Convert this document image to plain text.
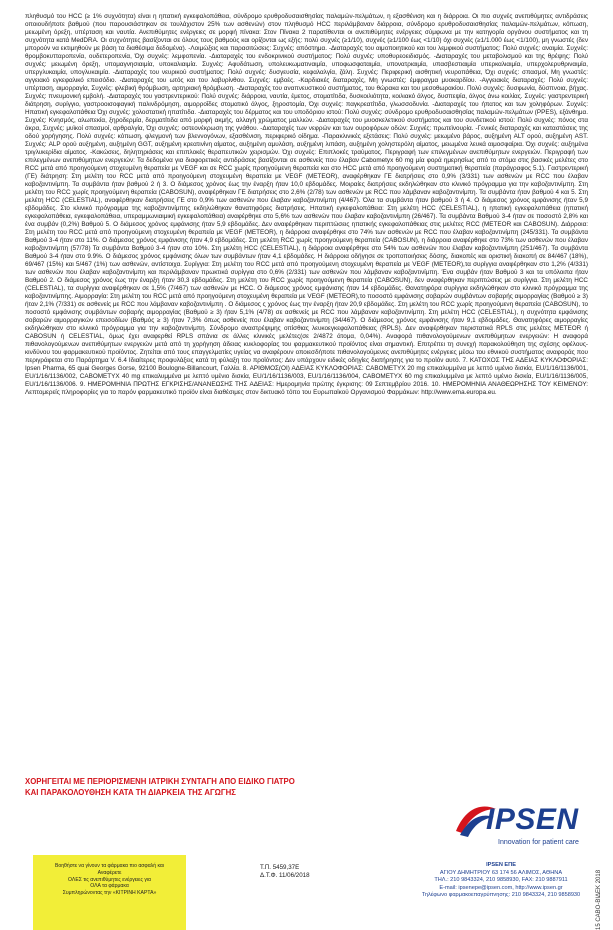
πληθυσμό του HCC (≥ 1% συχνότητα) είναι η ηπατική εγκεφαλοπάθεια, σύνδρομο ερυθροδυσαισθησίας παλαμών-πελμάτων, η εξασθένιση και η διάρροια. Οι πιο συχνές ανεπιθύμητες αντιδράσεις οποιουδήποτε βαθμού (που παρουσιάστηκαν σε τουλάχιστον 25% των ασθενών) στον πληθυσμό HCC περιλάμβαναν διάρροια, σύνδρομο ερυθροδυσαισθησίας παλαμών-πελμάτων, κόπωση, μειωμένη όρεξη, υπέρταση και ναυτία. Ανεπιθύμητες ενέργειες σε μορφή πίνακα: Στον Πίνακα 2 παρατίθενται οι ανεπιθύμητες ενέργειες σύμφωνα με την κατηγορία οργάνου συστήματος και τη συχνότητα κατά MedDRA. Οι συχνότητες βασίζονται σε όλους τους βαθμούς και ορίζονται ως εξής: πολύ συχνές (≥1/10), συχνές (≥1/100 έως <1/10) όχι συχνές (≥1/1.000 έως <1/100), μη γνωστές (δεν μπορούν να εκτιμηθούν με βάση τα διαθέσιμα δεδομένα). -Λοιμώξεις και παρασιτώσεις: Συχνές: απόστημα. -Διαταραχές του αιμοποιητικού και του λεμφικού συστήματος: Πολύ συχνές: αναιμία. Συχνές: θρομβοκυτταροπενία, ουδετεροπενία, Όχι συχνές: λεμφοπενία. -Διαταραχές του ενδοκρινικού συστήματος: Πολύ συχνές: υποθυρεοειδισμός. -Διαταραχές του μεταβολισμού και της θρέψης: Πολύ συχνές: μειωμένη όρεξη, υπομαγνησιαιμία, υποκαλιαιμία. Συχνές: Αφυδάτωση, υπολευκωματιναιμία, υποφωσφαταιμία, υπονατριαιμία, υπασβεστιαιμία υπερκαλιαιμία, υπερχολερυθριναιμία, υπεργλυκαιμία, υπογλυκαιμία. -Διαταραχές του νευρικού συστήματος: Πολύ συχνές: δυσγευσία, κεφαλαλγία, ζάλη. Συχνές: Περιφερική αισθητική νευροπάθεια, Όχι συχνές: σπασμοί, Μη γνωστές: αγγειακό εγκεφαλικό επεισόδιο. -Διαταραχές του ωτός και του λαβυρίνθου. Συχνές: εμβοές. -Καρδιακές διαταραχές, Μη γνωστές: έμφραγμα μυοκαρδίου. -Αγγειακές διαταραχές: Πολύ συχνές: υπέρταση, αιμορραγία, Συχνές: φλεβική θρόμβωση, αρτηριακή θρόμβωση. -Διαταραχές του αναπνευστικού συστήματος, του θώρακα και του μεσοθωρακίου. Πολύ συχνές: δυσφωνία, δύσπνοια, βήχας. Συχνές: πνευμονική εμβολή. -Διαταραχές του γαστρεντερικού: Πολύ συχνές: διάρροια, ναυτία, έμετος, στοματίτιδα, δυσκοιλιότητα, κοιλιακό άλγος, δυσπεψία, άλγος άνω κοιλίας. Συχνές: γαστρεντερική διάτρηση, συρίγγιο, γαστροοισοφαγική παλινδρόμηση, αιμορροΐδες στοματικό άλγος, ξηροστομία, Όχι συχνές: παγκρεατίτιδα, γλωσσοδυνία. -Διαταραχές του ήπατος και των χοληφόρων. Συχνές: Ηπατική εγκεφαλοπάθεια Όχι συχνές: χολοστατική ηπατίτιδα. -Διαταραχές του δέρματος και του υποδόριου ιστού: Πολύ συχνές: σύνδρομο ερυθροδυσαισθησίας παλαμών-πελμάτων (PPES), εξάνθημα. Συχνές: Κνησμός, αλωπεκία, ξηροδερμία, δερματίτιδα από μορφή ακμής, αλλαγή χρώματος μαλλιών. -Διαταραχές του μυοσκελετικού συστήματος και του συνδετικού ιστού: Πολύ συχνές: πόνος στα άκρα, Συχνές: μυϊκοί σπασμοί, αρθραλγία, Όχι συχνές: οστεονέκρωση της γνάθου. -Διαταραχές των νεφρών και των ουροφόρων οδών: Συχνές: πρωτεϊνουρία. -Γενικές διαταραχές και καταστάσεις της οδού χορήγησης. Πολύ συχνές: κόπωση, φλεγμονή των βλεννογόνων, εξασθένιση, περιφερικό οίδημα. -Παρακλινικές εξετάσεις: Πολύ συχνές: μειωμένο βάρος, αυξημένη ALT ορού, αυξημένη AST. Συχνές: ALP ορού αυξημένη, αυξημένη GGT, αυξημένη κρεατινίνη αίματος, αυξημένη αμυλάση, αυξημένη λιπάση, αυξημένη χοληστερόλη αίματος, μειωμένα λευκά αιμοσφαίρια. Όχι συχνές: αυξημένα τριγλυκερίδια αίματος. -Κακώσεις, δηλητηριάσεις και επιπλοκές θεραπευτικών χειρισμών. Όχι συχνές: Επιπλοκές τραύματος. Περιγραφή των επιλεγμένων ανεπιθύμητων ενεργειών. Περιγραφή των επιλεγμένων ανεπιθύμητων ενεργειών: Τα δεδομένα για διαφορετικές αντιδράσεις βασίζονται σε ασθενείς που έλαβαν Cabometyx 60 mg μία φορά ημερησίως από το στόμα στις βασικές μελέτες στο RCC μετά από προηγούμενη στοχευμένη θεραπεία με VEGF και σε RCC χωρίς προηγούμενη θεραπεία και στο HCC μετά από προηγούμενη συστηματική θεραπεία (παράγραφος 5.1). Γαστρεντερική (ΓΕ) διάτρηση: Στη μελέτη του RCC μετά από προηγούμενη στοχευμένη θεραπεία με VEGF (METEOR), αναφέρθηκαν ΓΕ διατρήσεις στο 0,9% (3/331) των ασθενών με RCC που έλαβαν καβοζαντινίμπη. Τα συμβάντα ήταν βαθμού 2 ή 3. Ο διάμεσος χρόνος έως την έναρξη ήταν 10,0 εβδομάδες. Μοιραίες διατρήσεις εκδηλώθηκαν στο κλινικό πρόγραμμα για την καβοζαντινίμπη. Στη μελέτη του RCC χωρίς προηγούμενη θεραπεία (CABOSUN), αναφέρθηκαν ΓΕ διατρήσεις στο 2,6% (2/78) των ασθενών με RCC που λάμβαναν καβοζαντινίμπη. Τα συμβάντα ήταν βαθμού 4 και 5. Στη μελέτη HCC (CELESTIAL), αναφέρθηκαν διατρήσεις ΓΕ στο 0,9% των ασθενών που έλαβαν καβοζαντινίμπη (4/467). Όλα τα συμβάντα ήταν βαθμού 3 ή 4. Ο διάμεσος χρόνος εμφάνισης ήταν 5,9 εβδομάδες. Στο κλινικό πρόγραμμα της καβοζαντινίμπης εκδηλώθηκαν θανατηφόρες διατρήσεις. Ηπατική εγκεφαλοπάθεια: Στη μελέτη HCC (CELESTIAL), η ηπατική εγκεφαλοπάθεια (ηπατική εγκεφαλοπάθεια, εγκεφαλοπάθεια, υπεραμμωνιαιμική εγκεφαλοπάθεια) αναφέρθηκε στο 5,6% των ασθενών που έλαβαν καβοζαντινίμπη (26/467). Τα συμβάντα Βαθμού 3-4 ήταν σε ποσοστό 2,8% και ένα συμβάν (0,2%) Βαθμού 5. Ο διάμεσος χρόνος εμφάνισης ήταν 5,9 εβδομάδες. Δεν αναφέρθηκαν περιπτώσεις ηπατικής εγκεφαλοπάθειας στις μελέτες RCC (METEOR και CABOSUN). Διάρροια: Στη μελέτη του RCC μετά από προηγούμενη στοχευμένη θεραπεία με VEGF (METEOR), η διάρροια αναφέρθηκε στο 74% των ασθενών με RCC που έλαβαν καβοζαντινίμπη (245/331). Τα συμβάντα Βαθμού 3-4 ήταν στο 11%. Ο διάμεσος χρόνος εμφάνισης ήταν 4,9 εβδομάδες. Στη μελέτη RCC χωρίς προηγούμενη θεραπεία (CABOSUN), η διάρροια αναφέρθηκε στο 73% των ασθενών που έλαβαν καβοζαντινίμπη (57/78) Τα συμβάντα Βαθμού 3-4 ήταν στο 10%. Στη μελέτη HCC (CELESTIAL), η διάρροια αναφέρθηκε στο 54% των ασθενών που έλαβαν καβοζαντινίμπη (251/467). Τα συμβάντα Βαθμού 3-4 ήταν στο 9.9%. Ο διάμεσος χρόνος εμφάνισης όλων των συμβάντων ήταν 4,1 εβδομάδες. Η διάρροια οδήγησε σε τροποποιήσεις δόσης, διακοπές και οριστική διακοπή σε 84/467 (18%), 69/467 (15%) και 5/467 (1%) των ασθενών, αντίστοιχα. Συρίγγια: Στη μελέτη του RCC μετά από προηγούμενη στοχευμένη θεραπεία με VEGF (METEOR),τα συρίγγια αναφέρθηκαν στο 1,2% (4/331) των ασθενών που έλαβαν καβοζαντινίμπη και περιλάμβαναν πρωκτικά συρίγγια στο 0,6% (2/331) των ασθενών που λάμβαναν καβοζαντινίμπη. Ένα συμβάν ήταν Βαθμού 3 και τα υπόλοιπα ήταν Βαθμού 2. Ο διάμεσος χρόνος έως την έναρξη ήταν 30,3 εβδομάδες. Στη μελέτη του RCC χωρίς προηγούμενη θεραπεία (CABOSUN), δεν αναφέρθηκαν περιπτώσεις με συρίγγια. Στη μελέτη HCC (CELESTIAL), τα συρίγγια αναφέρθηκαν σε 1,5% (7/467) των ασθενών με HCC. Ο διάμεσος χρόνος εμφάνισης ήταν 14 εβδομάδες. Θανατηφόρα συρίγγια εκδηλώθηκαν στο κλινικό πρόγραμμα της καβοζαντινίμπης. Αιμορραγία: Στη μελέτη του RCC μετά από προηγούμενη στοχευμένη θεραπεία με VEGF (METEOR),το ποσοστό εμφάνισης σοβαρών συμβάντων σοβαρής αιμορραγίας (Βαθμού ≥ 3) ήταν 2,1% (7/331) σε ασθενείς με RCC που λάμβαναν καβοζαντινίμπη . Ο διάμεσος ς χρόνος έως την έναρξη ήταν 20,9 εβδομάδες. Στη μελέτη του RCC χωρίς προηγούμενη θεραπεία (CABOSUN), το ποσοστό εμφάνισης συμβάντων σοβαρής αιμορραγίας (Βαθμού ≥ 3) ήταν 5,1% (4/78) σε ασθενείς με RCC που λάμβαναν καβοζαντινίμπη. Στη μελέτη HCC (CELESTIAL), η συχνότητα εμφάνισης σοβαρών αιμορραγικών επεισοδίων (Βαθμός ≥ 3) ήταν 7,3% όπως ασθενείς που έλαβαν καβοζαντινίμπη (34/467). Ο διάμεσος χρόνος εμφάνισης ήταν 9,1 εβδομάδες. Θανατηφόρες αιμορραγίες εκδηλώθηκαν στο κλινικό πρόγραμμα για την καβοζαντινίμπη. Σύνδρομο αναστρέψιμης οπίσθιας λευκοεγκεφαλοπάθειας (RPLS). Δεν αναφέρθηκαν περιστατικά RPLS στις μελέτες METEOR ή CABOSUN ή CELESTIAL, όμως έχει αναφερθεί RPLS σπάνια σε άλλες κλινικές μελέτες(σε 2/4872 άτομα, 0,04%). Αναφορά πιθανολογούμενων ανεπιθύμητων ενεργειών: Η αναφορά πιθανολογούμενων ανεπιθύμητων ενεργειών μετά από τη χορήγηση άδειας κυκλοφορίας του φαρμακευτικού προϊόντος είναι σημαντική. Επιτρέπει τη συνεχή παρακολούθηση της σχέσης οφέλους-κινδύνου του φαρμακευτικού προϊόντος. Ζητείται από τους επαγγελματίες υγείας να αναφέρουν οποιεσδήποτε πιθανολογούμενες ανεπιθύμητες ενέργειες μέσω του εθνικού συστήματος αναφοράς που περιγράφεται στο Παράρτημα V. 6.4 Ιδιαίτερες προφυλάξεις κατά τη φύλαξη του προϊόντος: Δεν υπάρχουν ειδικές οδηγίες διατήρησης για το προϊόν αυτό. 7. ΚΑΤΟΧΟΣ ΤΗΣ ΑΔΕΙΑΣ ΚΥΚΛΟΦΟΡΙΑΣ: Ipsen Pharma, 65 quai Georges Gorse, 92100 Boulogne-Billancourt, Γαλλία. 8. ΑΡΙΘΜΟΣ(ΟΙ) ΑΔΕΙΑΣ ΚΥΚΛΟΦΟΡΙΑΣ: CABOMETYX 20 mg επικαλυμμένα με λεπτό υμένιο δισκία, EU/1/16/1136/001, EU/1/16/1136/002, CABOMETYX 40 mg επικαλυμμένα με λεπτό υμένιο δισκία, EU/1/16/1136/003, EU/1/16/1136/004, CABOMETYX 60 mg επικαλυμμένα με λεπτό υμένιο δισκία, EU/1/16/1136/005, EU/1/16/1136/006. 9. ΗΜΕΡΟΜΗΝΙΑ ΠΡΩΤΗΣ ΕΓΚΡΙΣΗΣ/ΑΝΑΝΕΩΣΗΣ ΤΗΣ ΑΔΕΙΑΣ: Ημερομηνία πρώτης έγκρισης: 09 Σεπτεμβρίου 2016. 10. ΗΜΕΡΟΜΗΝΙΑ ΑΝΑΘΕΩΡΗΣΗΣ ΤΟΥ ΚΕΙΜΕΝΟΥ: Λεπτομερείς πληροφορίες για το παρόν φαρμακευτικό προϊόν είναι διαθέσιμες στον δικτυακό τόπο του Ευρωπαϊκού Οργανισμού Φαρμάκων: http://www.ema.europa.eu.
ΧΟΡΗΓΕΙΤΑΙ ΜΕ ΠΕΡΙΟΡΙΣΜΕΝΗ ΙΑΤΡΙΚΗ ΣΥΝΤΑΓΗ ΑΠΟ ΕΙΔΙΚΟ ΓΙΑΤΡΟ
ΚΑΙ ΠΑΡΑΚΟΛΟΥΘΗΣΗ ΚΑΤΑ ΤΗ ΔΙΑΡΚΕΙΑ ΤΗΣ ΑΓΩΓΗΣ
Βοηθήστε να γίνουν τα φάρμακα πιο ασφαλή και
Αναφέρετε
ΟΛΕΣ τις ανεπιθύμητες ενέργειες για
ΟΛΑ τα φάρμακα
Συμπληρώνοντας την «ΚΙΤΡΙΝΗ ΚΑΡΤΑ»
Τ.Π. 5459,37Ε
Δ.Τ.Φ. 11/06/2018
IPSEN
Innovation for patient care
IPSEN ΕΠΕ
ΑΓΙΟΥ ΔΗΜΗΤΡΙΟΥ 63 174 56 ΑΛΙΜΟΣ, ΑΘΗΝΑ
ΤΗΛ.: 210 9843324, 210 9858930, FAX: 210 9887911
E-mail: ipsenepe@ipsen.com, http://www.ipsen.gr
Τηλέφωνο φαρμακοεπαγρύπνησης: 210 9843324, 210 9858930	15 CABO-ΒΙΔΕΚ 2018
